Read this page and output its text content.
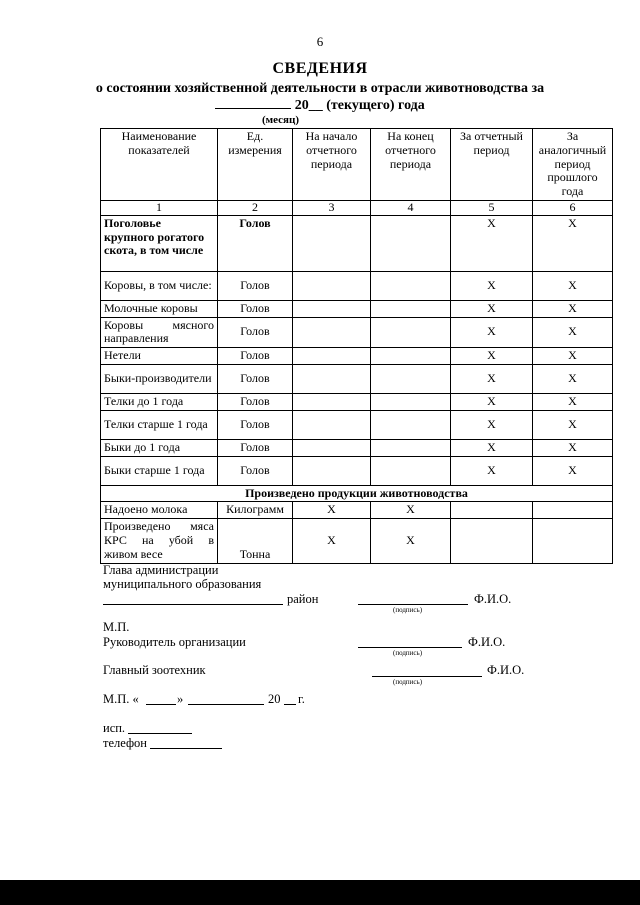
6
СВЕДЕНИЯ
о состоянии хозяйственной деятельности в отрасли животноводства за
20__ (текущего) года
(месяц)
Наименование показателей	Ед. измерения	На начало отчетного периода	На конец отчетного периода	За отчетный период	За аналогичный период прошлого года
1	2	3	4	5	6
Поголовье крупного рогатого скота, в том числе	Голов			X	X
Коровы, в том числе:	Голов			X	X
Молочные коровы	Голов			X	X
Коровы мясного направления	Голов			X	X
Нетели	Голов			X	X
Быки-производители	Голов			X	X
Телки до 1 года	Голов			X	X
Телки старше 1 года	Голов			X	X
Быки до 1 года	Голов			X	X
Быки старше 1 года	Голов			X	X
Произведено продукции животноводства					
Надоено молока	Килограмм	X	X		
Произведено мяса КРС на убой в живом весе	Тонна	X	X		
Глава администрации
муниципального образования
район
(подпись)
Ф.И.О.
М.П.
Руководитель организации
(подпись)
Ф.И.О.
Главный зоотехник
(подпись)
Ф.И.О.
М.П. «	»	20 г.
исп.
телефон
